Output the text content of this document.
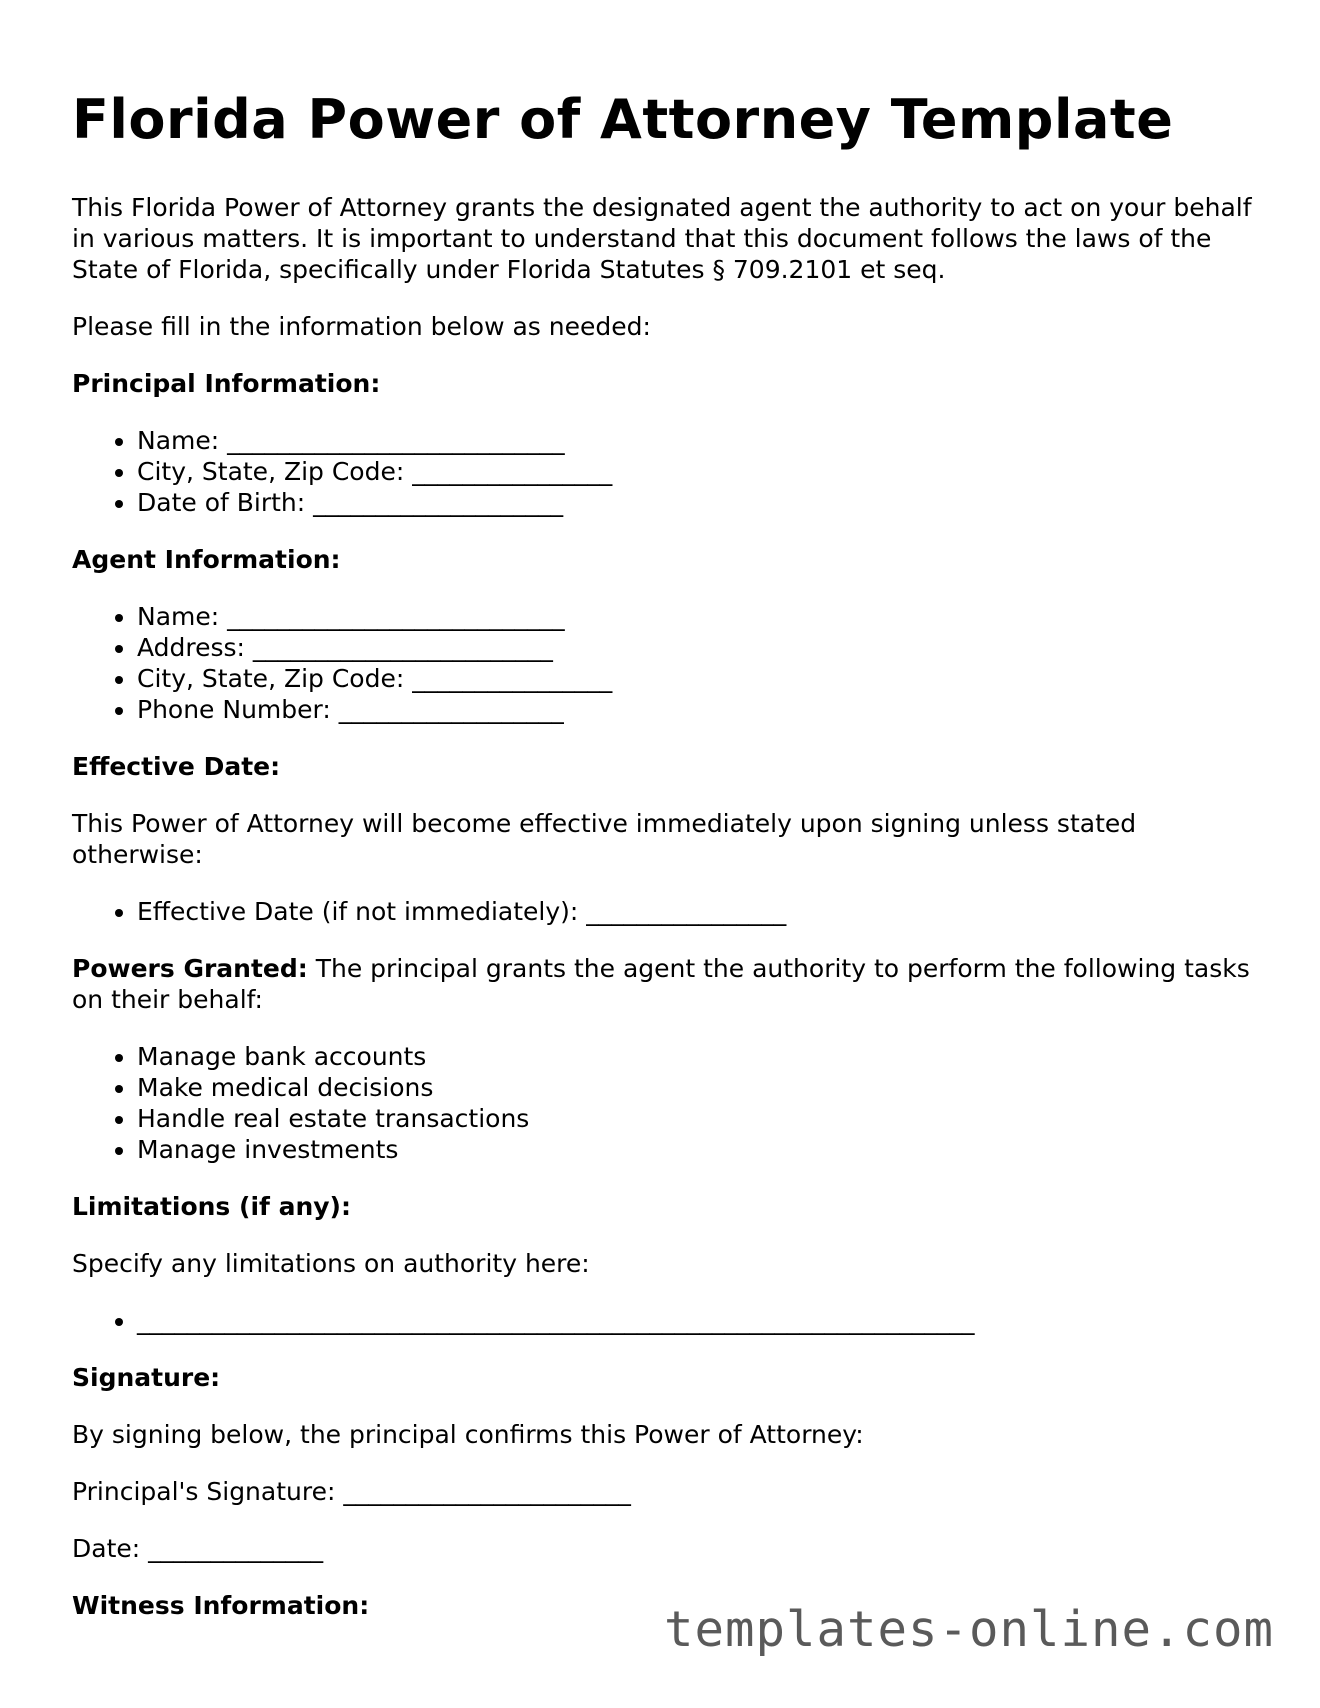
Florida Power of Attorney Template

This Florida Power of Attorney grants the designated agent the authority to act on your behalf in various matters. It is important to understand that this document follows the laws of the State of Florida, specifically under Florida Statutes § 709.2101 et seq.

Please fill in the information below as needed:

Principal Information:

• Name: ___________________________
• City, State, Zip Code: ________________
• Date of Birth: ____________________

Agent Information:

• Name: ___________________________
• Address: ________________________
• City, State, Zip Code: ________________
• Phone Number: __________________

Effective Date:

This Power of Attorney will become effective immediately upon signing unless stated otherwise:

• Effective Date (if not immediately): ________________

Powers Granted: The principal grants the agent the authority to perform the following tasks on their behalf:

• Manage bank accounts
• Make medical decisions
• Handle real estate transactions
• Manage investments

Limitations (if any):

Specify any limitations on authority here:

• ___________________________________________________________________

Signature:

By signing below, the principal confirms this Power of Attorney:

Principal's Signature: _______________________

Date: ______________

Witness Information:	templates-online.com
